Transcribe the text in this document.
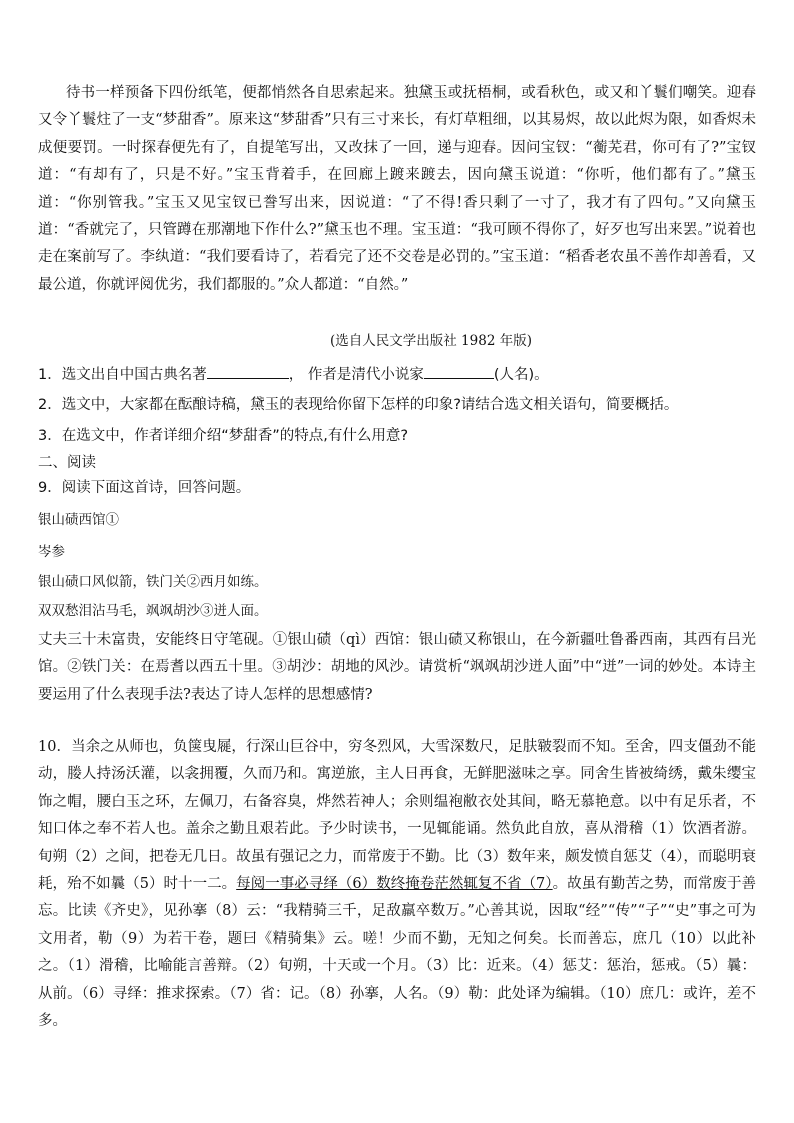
待书一样预备下四份纸笔，便都悄然各自思索起来。独黛玉或抚梧桐，或看秋色，或又和丫鬟们嘲笑。迎春又令丫鬟炷了一支“梦甜香”。原来这“梦甜香”只有三寸来长，有灯草粗细，以其易烬，故以此烬为限，如香烬未成便要罚。一时探春便先有了，自提笔写出，又改抹了一回，递与迎春。因问宝钗：“蘅芜君，你可有了?”宝钗道：“有却有了，只是不好。”宝玉背着手，在回廊上踱来踱去，因向黛玉说道：“你听，他们都有了。”黛玉道：“你别管我。”宝玉又见宝钗已誊写出来，因说道：“了不得!香只剩了一寸了，我才有了四句。”又向黛玉道：“香就完了，只管蹲在那潮地下作什么?”黛玉也不理。宝玉道：“我可顾不得你了，好歹也写出来罢。”说着也走在案前写了。李纨道：“我们要看诗了，若看完了还不交卷是必罚的。”宝玉道：“稻香老农虽不善作却善看，又最公道，你就评阅优劣，我们都服的。”众人都道：“自然。”

(选自人民文学出版社 1982 年版)
1．选文出自中国古典名著	， 作者是清代小说家	(人名)。
2．选文中，大家都在酝酿诗稿，黛玉的表现给你留下怎样的印象?请结合选文相关语句，简要概括。
3．在选文中，作者详细介绍“梦甜香”的特点,有什么用意?
二、阅读
9．阅读下面这首诗，回答问题。
银山碛西馆①
岑参
银山碛口风似箭，铁门关②西月如练。
双双愁泪沾马毛，飒飒胡沙③迸人面。
丈夫三十未富贵，安能终日守笔砚。①银山碛（qì）西馆：银山碛又称银山，在今新疆吐鲁番西南，其西有吕光馆。②铁门关：在焉耆以西五十里。③胡沙：胡地的风沙。请赏析“飒飒胡沙迸人面”中“迸”一词的妙处。本诗主要运用了什么表现手法?表达了诗人怎样的思想感情?
10．当余之从师也，负箧曳屣，行深山巨谷中，穷冬烈风，大雪深数尺，足肤皲裂而不知。至舍，四支僵劲不能动，媵人持汤沃灌，以衾拥覆，久而乃和。寓逆旅，主人日再食，无鲜肥滋味之享。同舍生皆被绮绣，戴朱缨宝饰之帽，腰白玉之环，左佩刀，右备容臭，烨然若神人；余则缊袍敝衣处其间，略无慕艳意。以中有足乐者，不知口体之奉不若人也。盖余之勤且艰若此。予少时读书，一见辄能诵。然负此自放，喜从滑稽（1）饮酒者游。旬朔（2）之间，把卷无几日。故虽有强记之力，而常废于不勤。比（3）数年来，颇发愤自惩艾（4），而聪明衰耗，殆不如曩（5）时十一二。每阅一事必寻绎（6）数终掩卷茫然辄复不省（7）。故虽有勤苦之势，而常废于善忘。比读《齐史》，见孙搴（8）云：“我精骑三千，足敌羸卒数万。”心善其说，因取“经”“传”“子”“史”事之可为文用者，勒（9）为若干卷，题曰《精骑集》云。嗟！少而不勤，无知之何矣。长而善忘，庶几（10）以此补之。（1）滑稽，比喻能言善辩。（2）旬朔，十天或一个月。（3）比：近来。（4）惩艾：惩治，惩戒。（5）曩：从前。（6）寻绎：推求探索。（7）省：记。（8）孙搴，人名。（9）勒：此处译为编辑。（10）庶几：或许，差不多。
